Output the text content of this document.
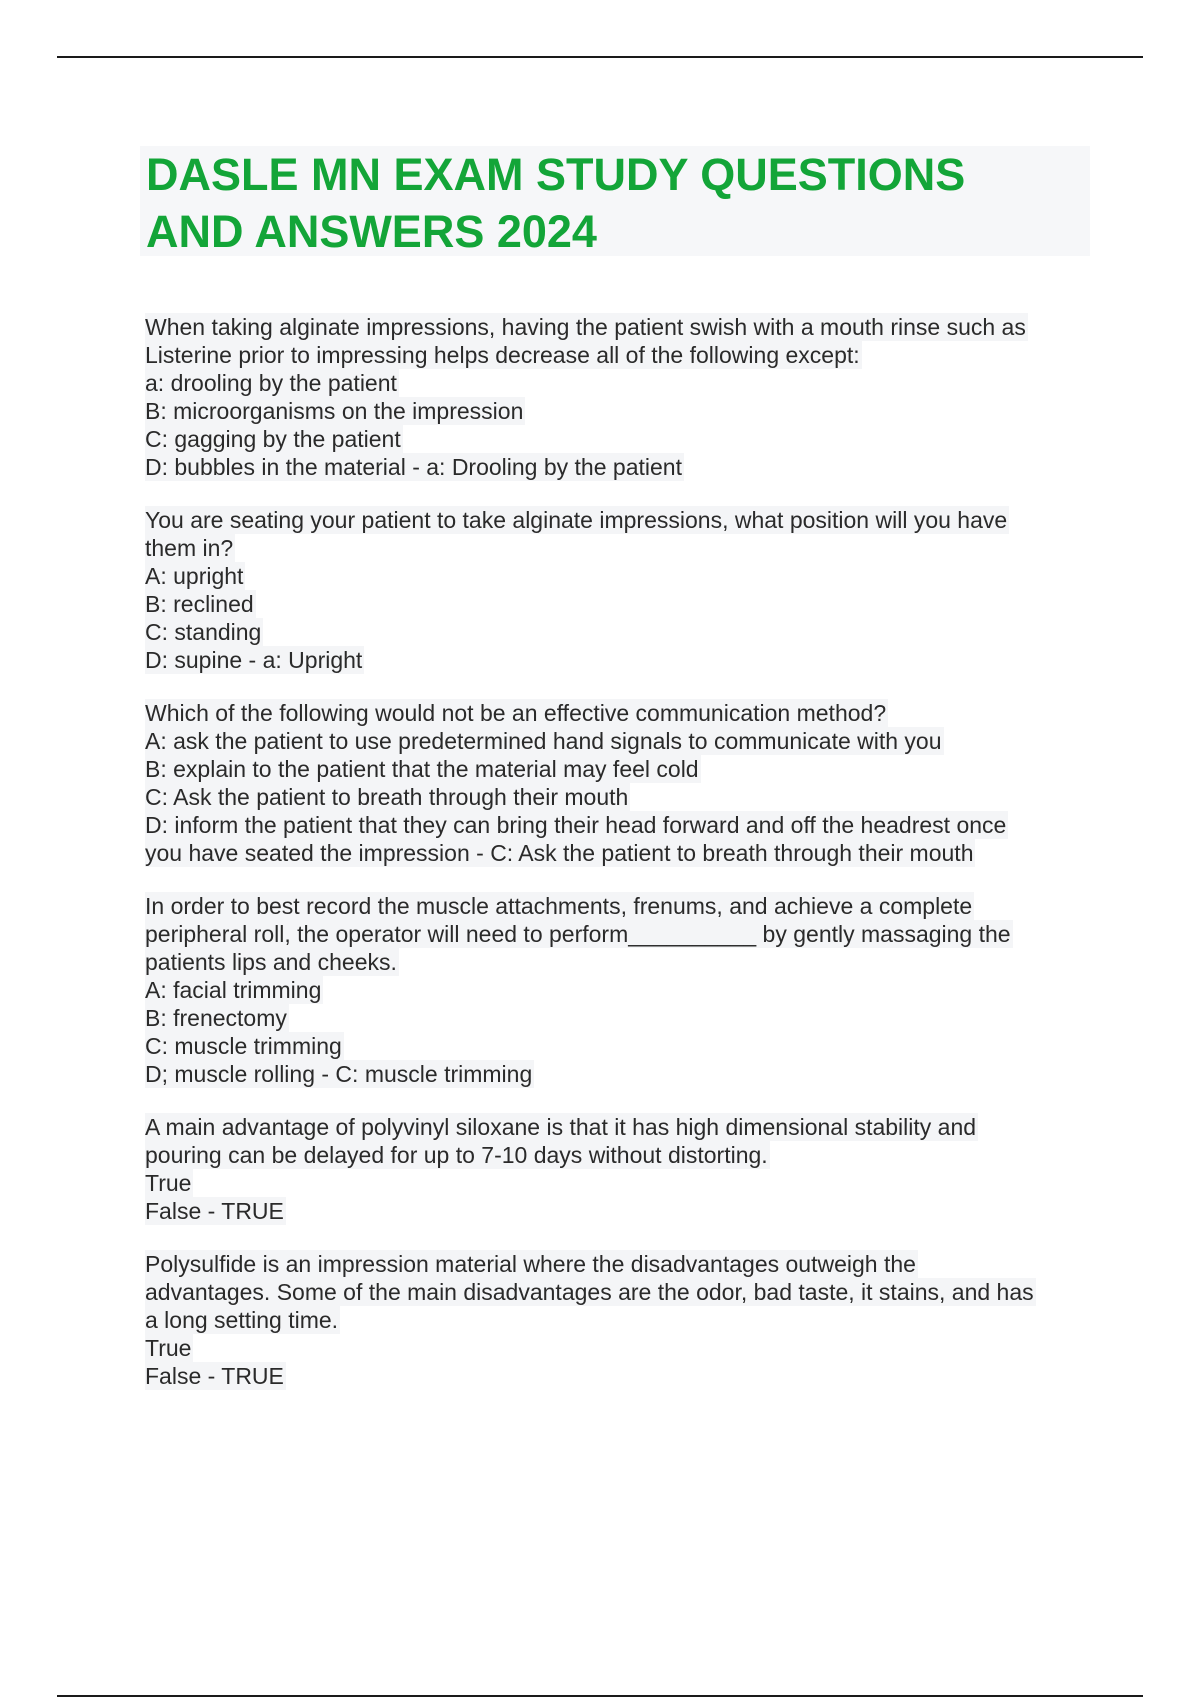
DASLE MN EXAM STUDY QUESTIONS

AND ANSWERS 2024

When taking alginate impressions, having the patient swish with a mouth rinse such as
Listerine prior to impressing helps decrease all of the following except:
a: drooling by the patient
B: microorganisms on the impression
C: gagging by the patient
D: bubbles in the material - a: Drooling by the patient
You are seating your patient to take alginate impressions, what position will you have
them in?
A: upright
B: reclined
C: standing
D: supine - a: Upright
Which of the following would not be an effective communication method?
A: ask the patient to use predetermined hand signals to communicate with you
B: explain to the patient that the material may feel cold
C: Ask the patient to breath through their mouth
D: inform the patient that they can bring their head forward and off the headrest once
you have seated the impression - C: Ask the patient to breath through their mouth
In order to best record the muscle attachments, frenums, and achieve a complete
peripheral roll, the operator will need to perform__________ by gently massaging the
patients lips and cheeks.
A: facial trimming
B: frenectomy
C: muscle trimming
D; muscle rolling - C: muscle trimming
A main advantage of polyvinyl siloxane is that it has high dimensional stability and
pouring can be delayed for up to 7-10 days without distorting.
True
False - TRUE
Polysulfide is an impression material where the disadvantages outweigh the
advantages. Some of the main disadvantages are the odor, bad taste, it stains, and has
a long setting time.
True
False - TRUE
